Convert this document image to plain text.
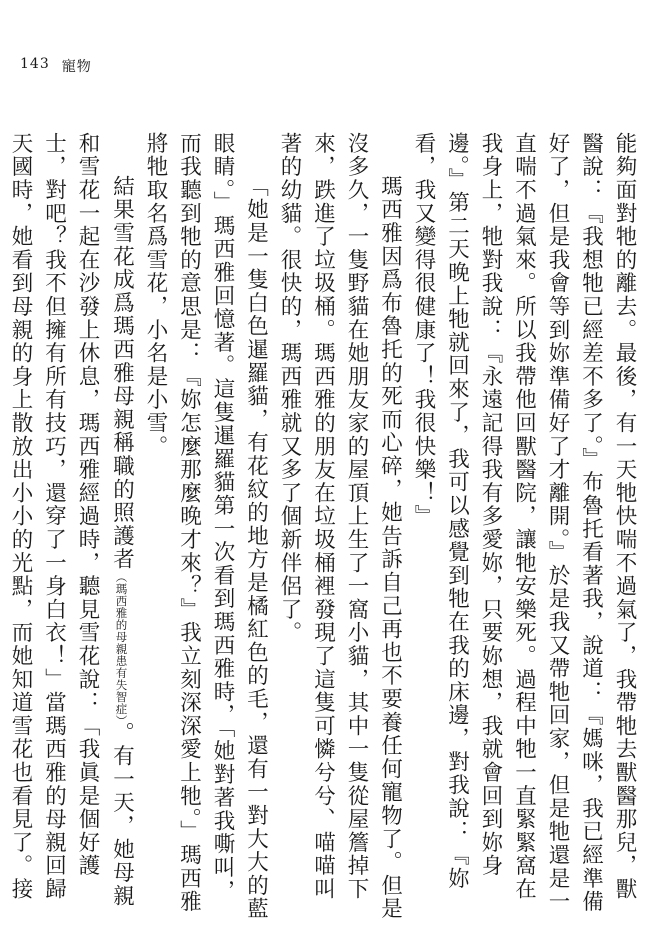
143 寵物

能夠面對牠的離去。最後，有一天牠快喘不過氣了，我帶牠去獸醫那兒，獸醫說：『我想牠已經差不多了。』布魯托看著我，說道：『媽咪，我已經準備好了，但是我會等到妳準備好了才離開。』於是我又帶牠回家，但是牠還是一直喘不過氣來。所以我帶他回獸醫院，讓牠安樂死。過程中牠一直緊緊窩在我身上，牠對我說：『永遠記得我有多愛妳，只要妳想，我就會回到妳身邊。』第二天晚上牠就回來了，我可以感覺到牠在我的床邊，對我說：『妳看，我又變得很健康了！我很快樂！』

瑪西雅因爲布魯托的死而心碎，她告訴自己再也不要養任何寵物了。但是沒多久，一隻野貓在她朋友家的屋頂上生了一窩小貓，其中一隻從屋簷掉下來，跌進了垃圾桶。瑪西雅的朋友在垃圾桶裡發現了這隻可憐兮兮、喵喵叫著的幼貓。很快的，瑪西雅就又多了個新伴侶了。

「她是一隻白色暹羅貓，有花紋的地方是橘紅色的毛，還有一對大大的藍眼睛。」瑪西雅回憶著。這隻暹羅貓第一次看到瑪西雅時，「她對著我嘶叫，而我聽到牠的意思是：『妳怎麼那麼晚才來？』我立刻深深愛上牠。」瑪西雅將牠取名爲雪花，小名是小雪。

結果雪花成爲瑪西雅母親稱職的照護者（瑪西雅的母親患有失智症）。有一天，她母親和雪花一起在沙發上休息，瑪西雅經過時，聽見雪花說：「我眞是個好護士，對吧？我不但擁有所有技巧，還穿了一身白衣！」當瑪西雅的母親回歸天國時，她看到母親的身上散放出小小的光點，而她知道雪花也看見了。接
